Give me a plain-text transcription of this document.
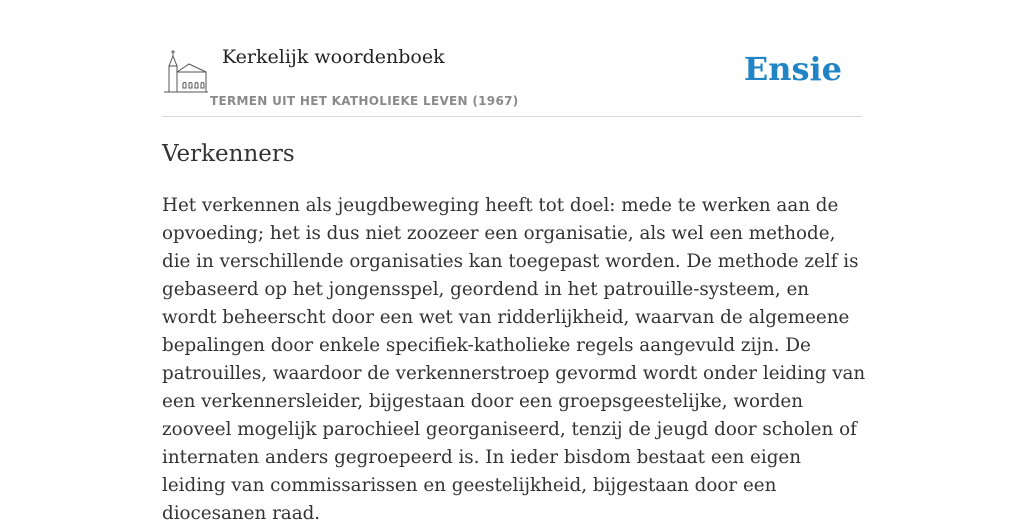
Kerkelijk woordenboek
TERMEN UIT HET KATHOLIEKE LEVEN (1967)
Ensie
Verkenners

Het verkennen als jeugdbeweging heeft tot doel: mede te werken aan de opvoeding; het is dus niet zoozeer een organisatie, als wel een methode, die in verschillende organisaties kan toegepast worden. De methode zelf is gebaseerd op het jongensspel, geordend in het patrouille-systeem, en wordt beheerscht door een wet van ridderlijkheid, waarvan de algemeene bepalingen door enkele specifiek-katholieke regels aangevuld zijn. De patrouilles, waardoor de verkennerstroep gevormd wordt onder leiding van een verkennersleider, bijgestaan door een groepsgeestelijke, worden zooveel mogelijk parochieel georganiseerd, tenzij de jeugd door scholen of internaten anders gegroepeerd is. In ieder bisdom bestaat een eigen leiding van commissarissen en geestelijkheid, bijgestaan door een diocesanen raad.
